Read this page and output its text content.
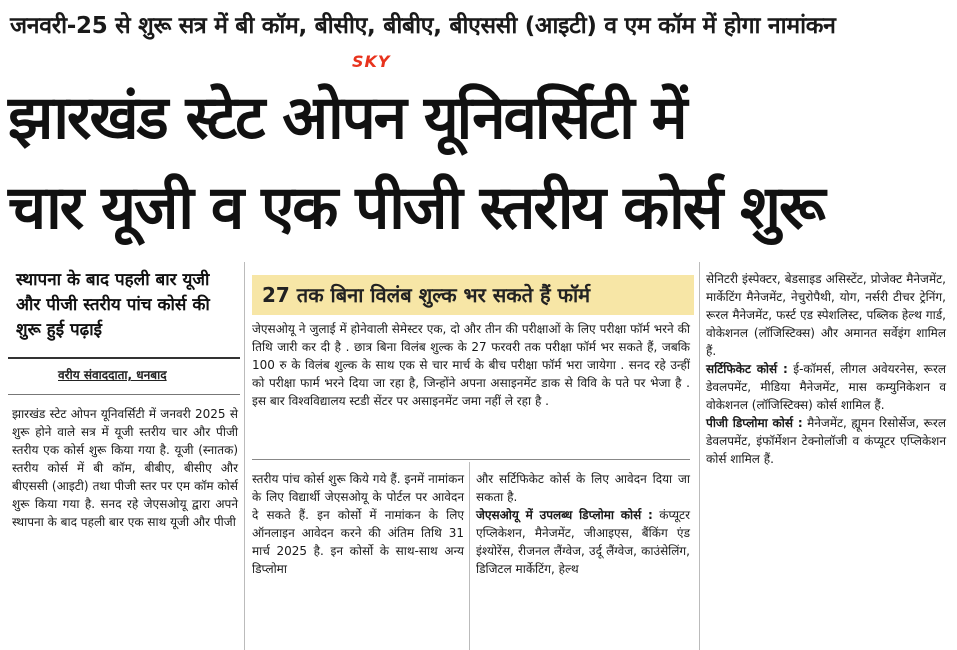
जनवरी-25 से शुरू सत्र में बी कॉम, बीसीए, बीबीए, बीएससी (आइटी) व एम कॉम में होगा नामांकन
SKY
झारखंड स्टेट ओपन यूनिवर्सिटी में
चार यूजी व एक पीजी स्तरीय कोर्स शुरू
स्थापना के बाद पहली बार यूजी और पीजी स्तरीय पांच कोर्स की शुरू हुई पढ़ाई
वरीय संवाददाता, धनबाद
झारखंड स्टेट ओपन यूनिवर्सिटी में जनवरी 2025 से शुरू होने वाले सत्र में यूजी स्तरीय चार और पीजी स्तरीय एक कोर्स शुरू किया गया है. यूजी (स्नातक) स्तरीय कोर्स में बी कॉम, बीबीए, बीसीए और बीएससी (आइटी) तथा पीजी स्तर पर एम कॉम कोर्स शुरू किया गया है. सनद रहे जेएसओयू द्वारा अपने स्थापना के बाद पहली बार एक साथ यूजी और पीजी
27 तक बिना विलंब शुल्क भर सकते हैं फॉर्म
जेएसओयू ने जुलाई में होनेवाली सेमेस्टर एक, दो और तीन की परीक्षाओं के लिए परीक्षा फॉर्म भरने की तिथि जारी कर दी है . छात्र बिना विलंब शुल्क के 27 फरवरी तक परीक्षा फॉर्म भर सकते हैं, जबकि 100 रु के विलंब शुल्क के साथ एक से चार मार्च के बीच परीक्षा फॉर्म भरा जायेगा . सनद रहे उन्हीं को परीक्षा फार्म भरने दिया जा रहा है, जिन्होंने अपना असाइनमेंट डाक से विवि के पते पर भेजा है . इस बार विश्वविद्यालय स्टडी सेंटर पर असाइनमेंट जमा नहीं ले रहा है .
स्तरीय पांच कोर्स शुरू किये गये हैं. इनमें नामांकन के लिए विद्यार्थी जेएसओयू के पोर्टल पर आवेदन दे सकते हैं. इन कोर्सो में नामांकन के लिए ऑनलाइन आवेदन करने की अंतिम तिथि 31 मार्च 2025 है. इन कोर्सो के साथ-साथ अन्य डिप्लोमा
और सर्टिफिकेट कोर्स के लिए आवेदन दिया जा सकता है.
जेएसओयू में उपलब्ध डिप्लोमा कोर्स : कंप्यूटर एप्लिकेशन, मैनेजमेंट, जीआइएस, बैंकिंग एंड इंश्योरेंस, रीजनल लैंग्वेज, उर्दू लैंग्वेज, काउंसेलिंग, डिजिटल मार्केटिंग, हेल्थ
सेनिटरी इंस्पेक्टर, बेडसाइड असिस्टेंट, प्रोजेक्ट मैनेजमेंट, मार्केटिंग मैनेजमेंट, नेचुरोपैथी, योग, नर्सरी टीचर ट्रेनिंग, रूरल मैनेजमेंट, फर्स्ट एड स्पेशलिस्ट, पब्लिक हेल्थ गार्ड, वोकेशनल (लॉजिस्टिक्स) और अमानत सर्वेइंग शामिल हैं.
सर्टिफिकेट कोर्स : ई-कॉमर्स, लीगल अवेयरनेस, रूरल डेवलपमेंट, मीडिया मैनेजमेंट, मास कम्युनिकेशन व वोकेशनल (लॉजिस्टिक्स) कोर्स शामिल हैं.
पीजी डिप्लोमा कोर्स : मैनेजमेंट, ह्यूमन रिसोर्सेज, रूरल डेवलपमेंट, इंफॉर्मेशन टेक्नोलॉजी व कंप्यूटर एप्लिकेशन कोर्स शामिल हैं.
